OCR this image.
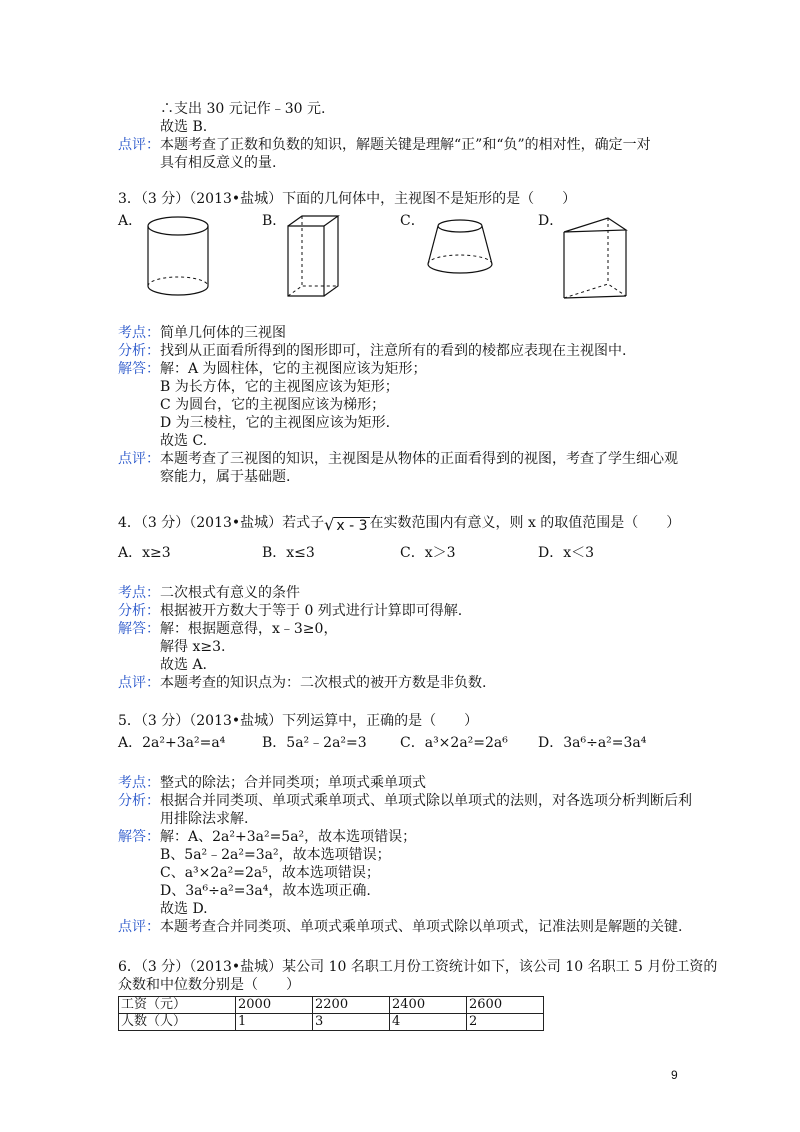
∴支出 30 元记作﹣30 元.
故选 B.
点评：本题考查了正数和负数的知识，解题关键是理解“正”和“负”的相对性，确定一对
具有相反意义的量.
3．（3 分）（2013•盐城）下面的几何体中，主视图不是矩形的是（　　）
A．	B．	C．	D．
考点：简单几何体的三视图
分析：找到从正面看所得到的图形即可，注意所有的看到的棱都应表现在主视图中.
解答：解：A 为圆柱体，它的主视图应该为矩形；
B 为长方体，它的主视图应该为矩形；
C 为圆台，它的主视图应该为梯形；
D 为三棱柱，它的主视图应该为矩形.
故选 C.
点评：本题考查了三视图的知识，主视图是从物体的正面看得到的视图，考查了学生细心观
察能力，属于基础题.
4．（3 分）（2013•盐城）若式子√ x - 3 在实数范围内有意义，则 x 的取值范围是（　　）
A．x≥3	B．x≤3	C．x＞3	D．x＜3
考点：二次根式有意义的条件
分析：根据被开方数大于等于 0 列式进行计算即可得解.
解答：解：根据题意得，x﹣3≥0，
解得 x≥3.
故选 A.
点评：本题考查的知识点为：二次根式的被开方数是非负数.
5．（3 分）（2013•盐城）下列运算中，正确的是（　　）
A．2a²+3a²=a⁴	B．5a²﹣2a²=3 C．a³×2a²=2a⁶ D．3a⁶÷a²=3a⁴
考点：整式的除法；合并同类项；单项式乘单项式
分析：根据合并同类项、单项式乘单项式、单项式除以单项式的法则，对各选项分析判断后利
用排除法求解.
解答：解：A、2a²+3a²=5a²，故本选项错误；
B、5a²﹣2a²=3a²，故本选项错误；
C、a³×2a²=2a⁵，故本选项错误；
D、3a⁶÷a²=3a⁴，故本选项正确.
故选 D.
点评：本题考查合并同类项、单项式乘单项式、单项式除以单项式，记准法则是解题的关键.
6．（3 分）（2013•盐城）某公司 10 名职工月份工资统计如下，该公司 10 名职工 5 月份工资的
众数和中位数分别是（　　）
工资（元）	2000	2200	2400	2600
人数（人）	1	3	4	2
9
